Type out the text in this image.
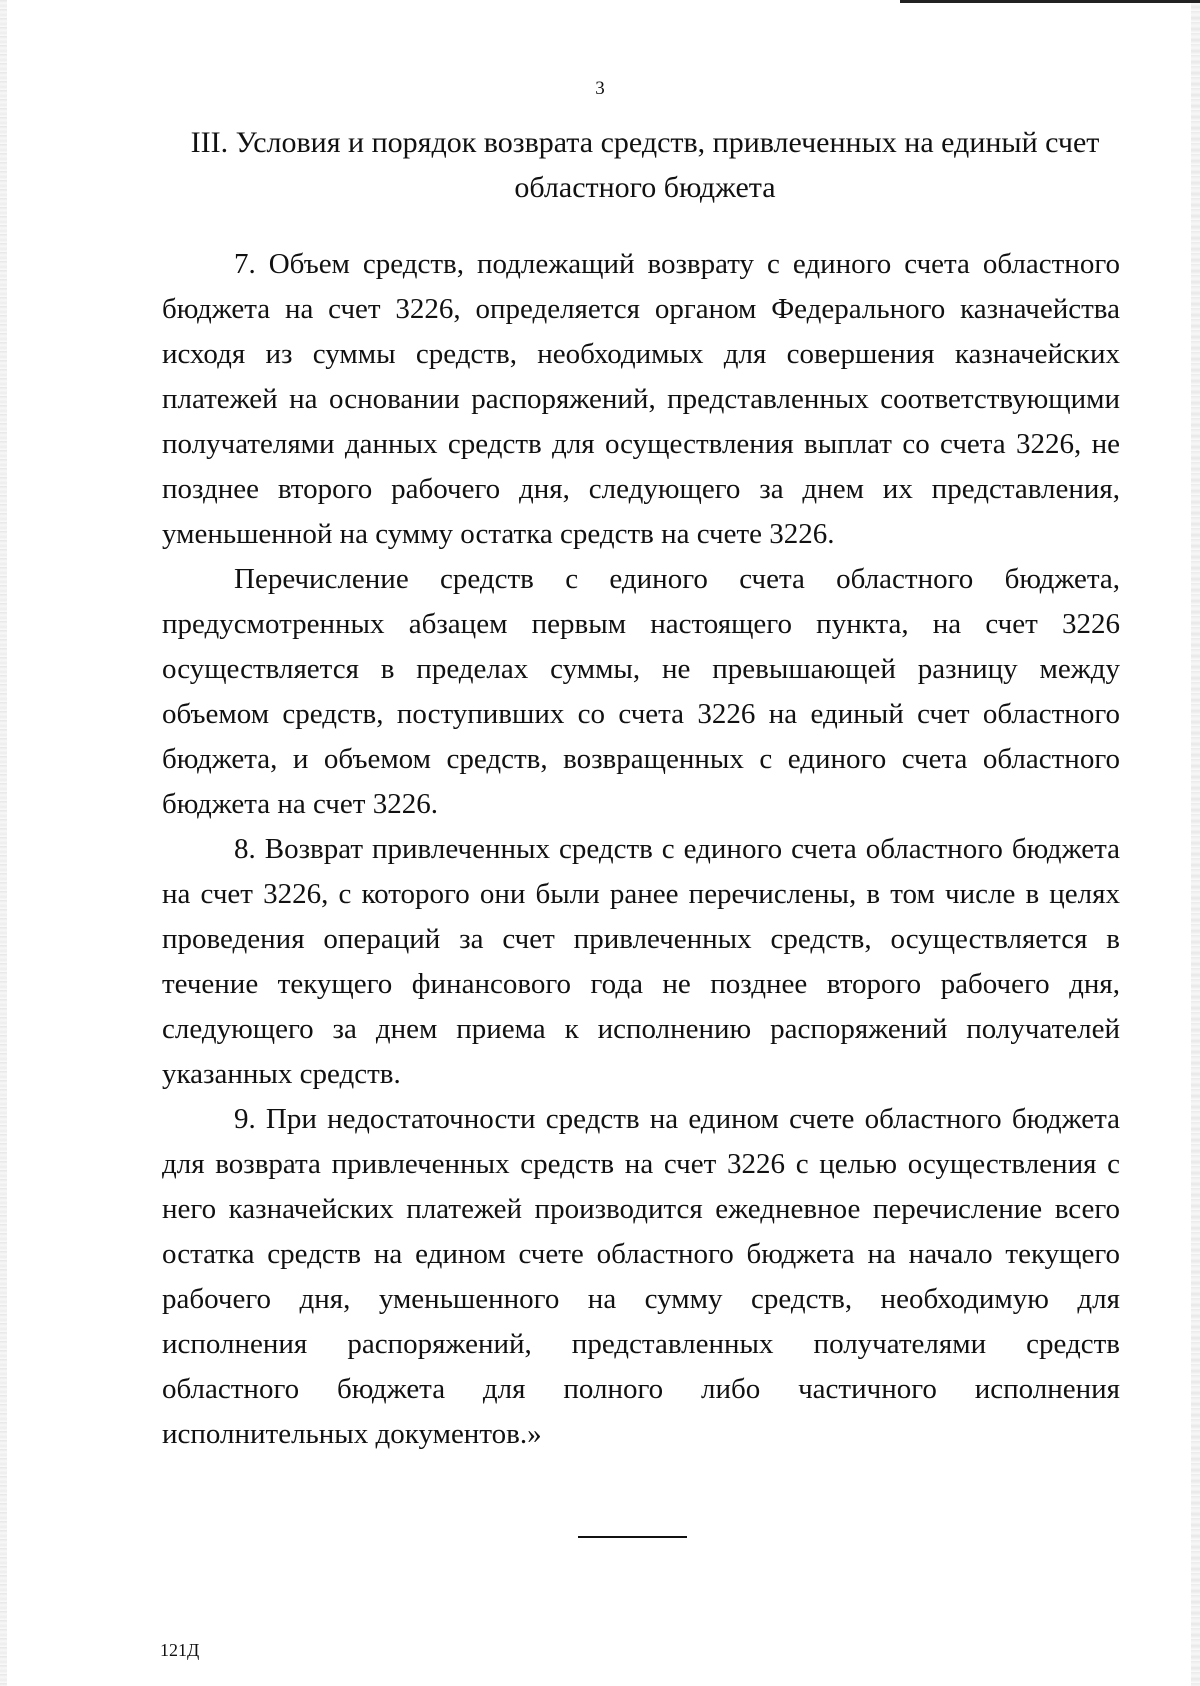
3
III. Условия и порядок возврата средств, привлеченных на единый счет
областного бюджета

7. Объем средств, подлежащий возврату с единого счета областного бюджета на счет 3226, определяется органом Федерального казначейства исходя из суммы средств, необходимых для совершения казначейских платежей на основании распоряжений, представленных соответствующими получателями данных средств для осуществления выплат со счета 3226, не позднее второго рабочего дня, следующего за днем их представления, уменьшенной на сумму остатка средств на счете 3226.

Перечисление средств с единого счета областного бюджета, предусмотренных абзацем первым настоящего пункта, на счет 3226 осуществляется в пределах суммы, не превышающей разницу между объемом средств, поступивших со счета 3226 на единый счет областного бюджета, и объемом средств, возвращенных с единого счета областного бюджета на счет 3226.

8. Возврат привлеченных средств с единого счета областного бюджета на счет 3226, с которого они были ранее перечислены, в том числе в целях проведения операций за счет привлеченных средств, осуществляется в течение текущего финансового года не позднее второго рабочего дня, следующего за днем приема к исполнению распоряжений получателей указанных средств.

9. При недостаточности средств на едином счете областного бюджета для возврата привлеченных средств на счет 3226 с целью осуществления с него казначейских платежей производится ежедневное перечисление всего остатка средств на едином счете областного бюджета на начало текущего рабочего дня, уменьшенного на сумму средств, необходимую для исполнения распоряжений, представленных получателями средств областного бюджета для полного либо частичного исполнения исполнительных документов.»

121Д
